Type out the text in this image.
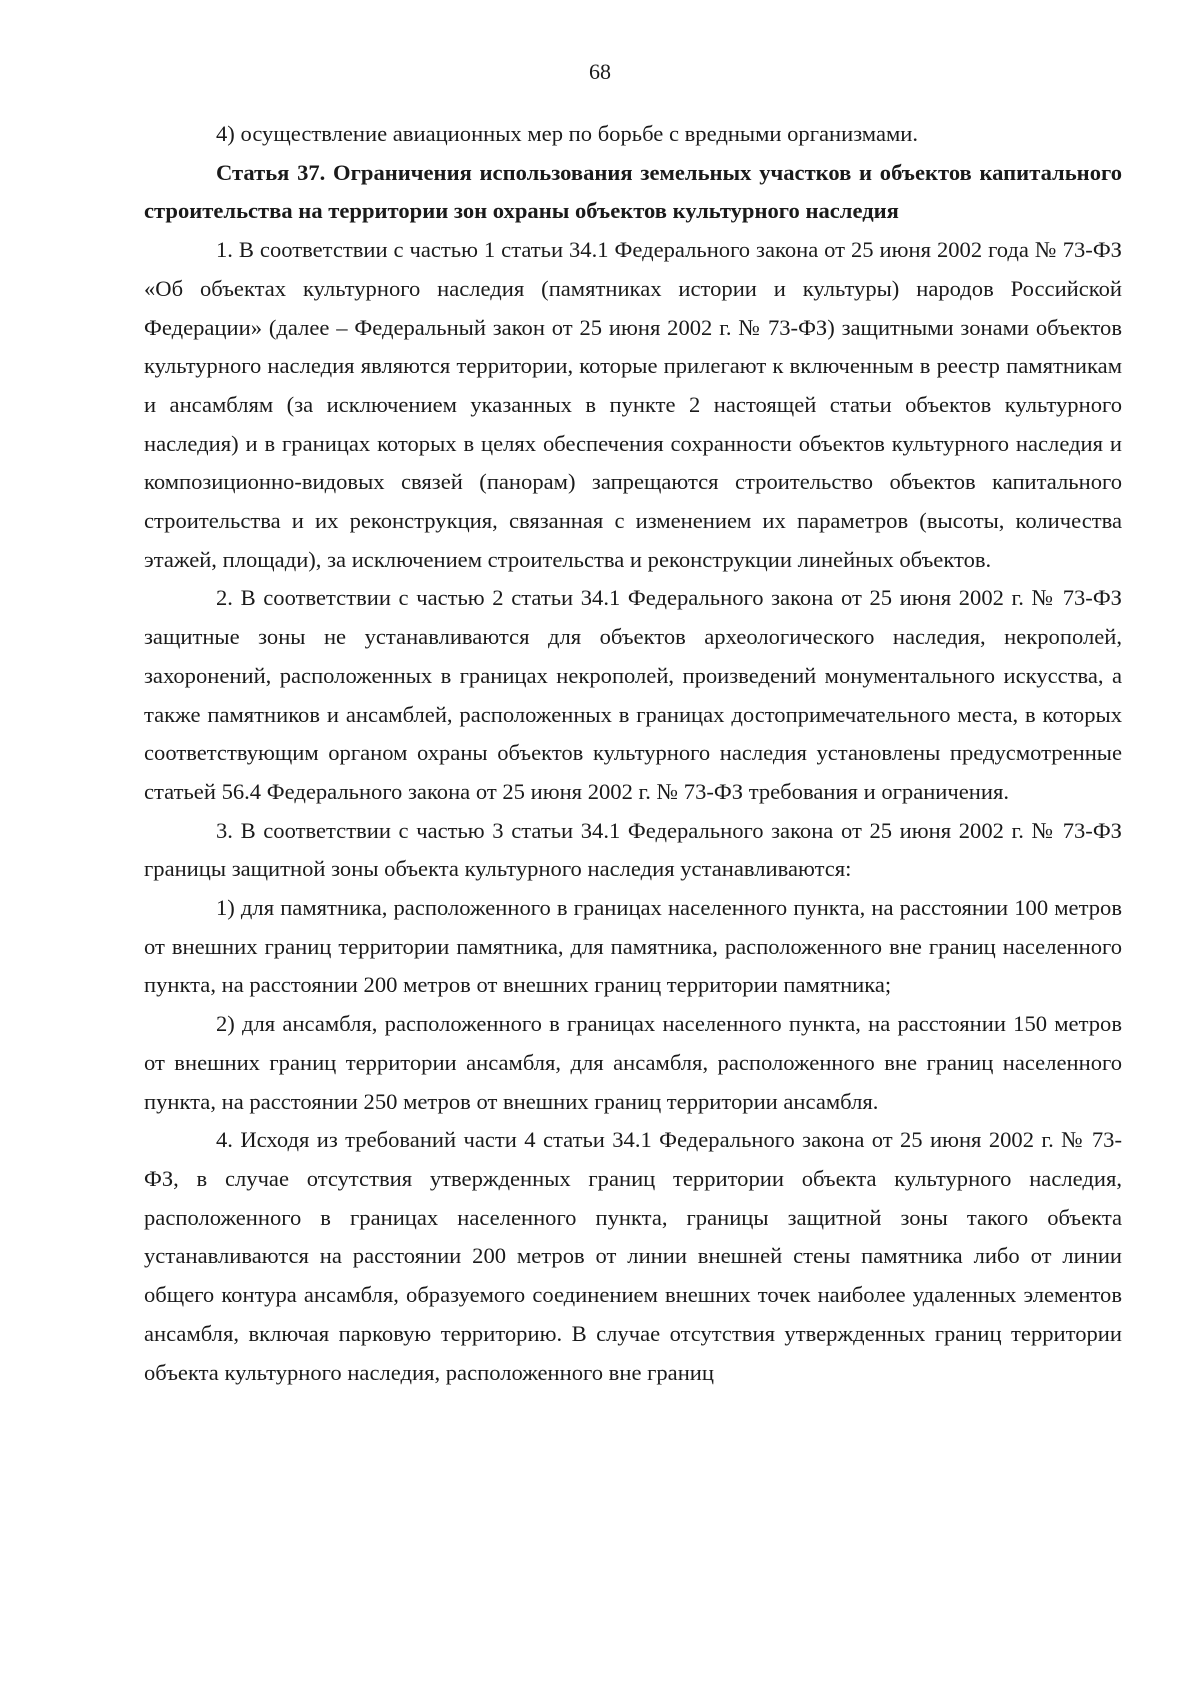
68

4) осуществление авиационных мер по борьбе с вредными организмами.

Статья 37. Ограничения использования земельных участков и объектов капитального строительства на территории зон охраны объектов культурного наследия

1. В соответствии с частью 1 статьи 34.1 Федерального закона от 25 июня 2002 года № 73-ФЗ «Об объектах культурного наследия (памятниках истории и культуры) народов Российской Федерации» (далее – Федеральный закон от 25 июня 2002 г. № 73-ФЗ) защитными зонами объектов культурного наследия являются территории, которые прилегают к включенным в реестр памятникам и ансамблям (за исключением указанных в пункте 2 настоящей статьи объектов культурного наследия) и в границах которых в целях обеспечения сохранности объектов культурного наследия и композиционно-видовых связей (панорам) запрещаются строительство объектов капитального строительства и их реконструкция, связанная с изменением их параметров (высоты, количества этажей, площади), за исключением строительства и реконструкции линейных объектов.

2. В соответствии с частью 2 статьи 34.1 Федерального закона от 25 июня 2002 г. № 73-ФЗ защитные зоны не устанавливаются для объектов археологического наследия, некрополей, захоронений, расположенных в границах некрополей, произведений монументального искусства, а также памятников и ансамблей, расположенных в границах достопримечательного места, в которых соответствующим органом охраны объектов культурного наследия установлены предусмотренные статьей 56.4 Федерального закона от 25 июня 2002 г. № 73-ФЗ требования и ограничения.

3. В соответствии с частью 3 статьи 34.1 Федерального закона от 25 июня 2002 г. № 73-ФЗ границы защитной зоны объекта культурного наследия устанавливаются:

1) для памятника, расположенного в границах населенного пункта, на расстоянии 100 метров от внешних границ территории памятника, для памятника, расположенного вне границ населенного пункта, на расстоянии 200 метров от внешних границ территории памятника;

2) для ансамбля, расположенного в границах населенного пункта, на расстоянии 150 метров от внешних границ территории ансамбля, для ансамбля, расположенного вне границ населенного пункта, на расстоянии 250 метров от внешних границ территории ансамбля.

4. Исходя из требований части 4 статьи 34.1 Федерального закона от 25 июня 2002 г. № 73-ФЗ, в случае отсутствия утвержденных границ территории объекта культурного наследия, расположенного в границах населенного пункта, границы защитной зоны такого объекта устанавливаются на расстоянии 200 метров от линии внешней стены памятника либо от линии общего контура ансамбля, образуемого соединением внешних точек наиболее удаленных элементов ансамбля, включая парковую территорию. В случае отсутствия утвержденных границ территории объекта культурного наследия, расположенного вне границ
